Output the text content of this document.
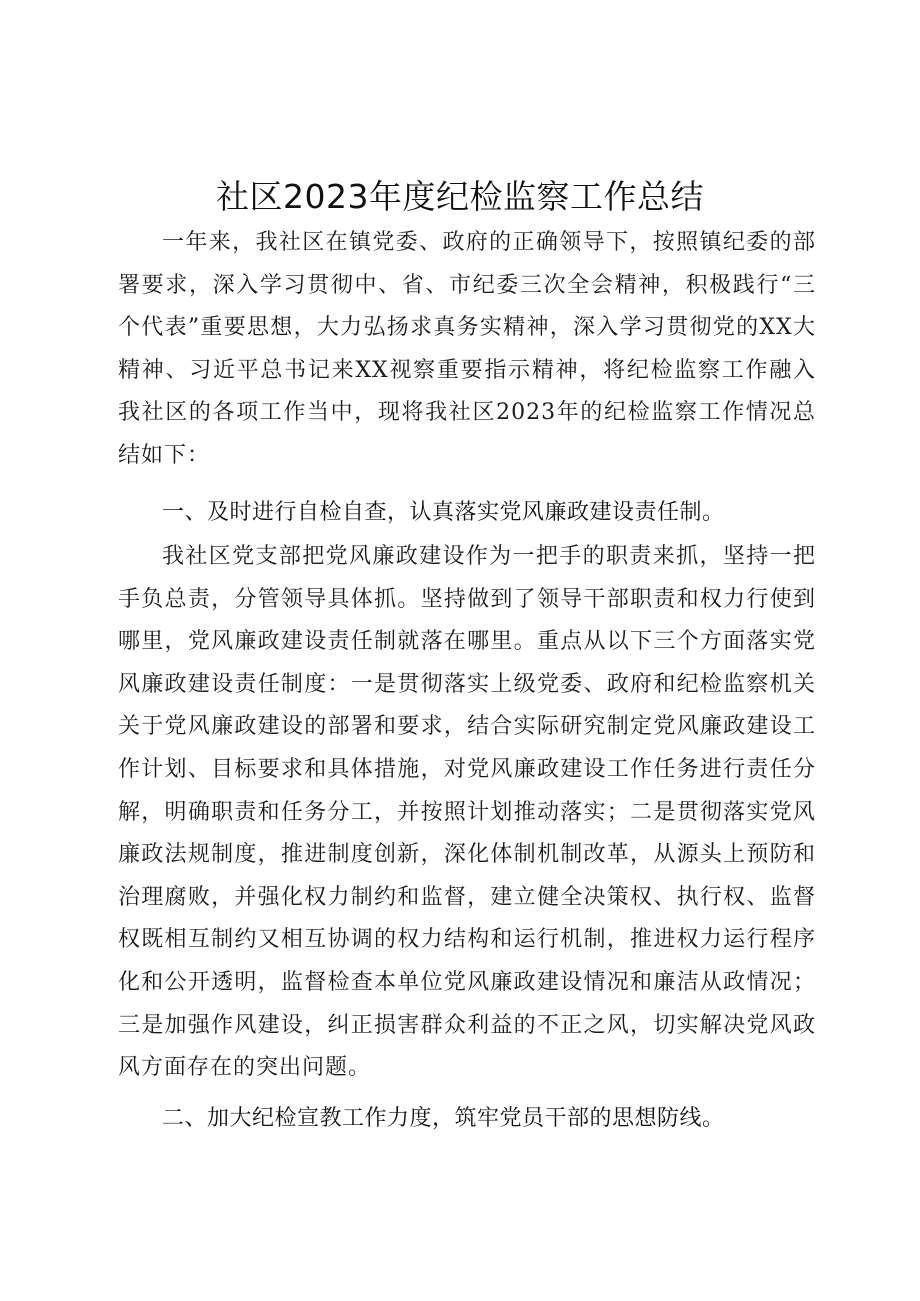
社区2023年度纪检监察工作总结

一年来，我社区在镇党委、政府的正确领导下，按照镇纪委的部署要求，深入学习贯彻中、省、市纪委三次全会精神，积极践行“三个代表”重要思想，大力弘扬求真务实精神，深入学习贯彻党的XX大精神、习近平总书记来XX视察重要指示精神，将纪检监察工作融入我社区的各项工作当中，现将我社区2023年的纪检监察工作情况总结如下：

一、及时进行自检自查，认真落实党风廉政建设责任制。

我社区党支部把党风廉政建设作为一把手的职责来抓，坚持一把手负总责，分管领导具体抓。坚持做到了领导干部职责和权力行使到哪里，党风廉政建设责任制就落在哪里。重点从以下三个方面落实党风廉政建设责任制度：一是贯彻落实上级党委、政府和纪检监察机关关于党风廉政建设的部署和要求，结合实际研究制定党风廉政建设工作计划、目标要求和具体措施，对党风廉政建设工作任务进行责任分解，明确职责和任务分工，并按照计划推动落实；二是贯彻落实党风廉政法规制度，推进制度创新，深化体制机制改革，从源头上预防和治理腐败，并强化权力制约和监督，建立健全决策权、执行权、监督权既相互制约又相互协调的权力结构和运行机制，推进权力运行程序化和公开透明，监督检查本单位党风廉政建设情况和廉洁从政情况；三是加强作风建设，纠正损害群众利益的不正之风，切实解决党风政风方面存在的突出问题。

二、加大纪检宣教工作力度，筑牢党员干部的思想防线。
